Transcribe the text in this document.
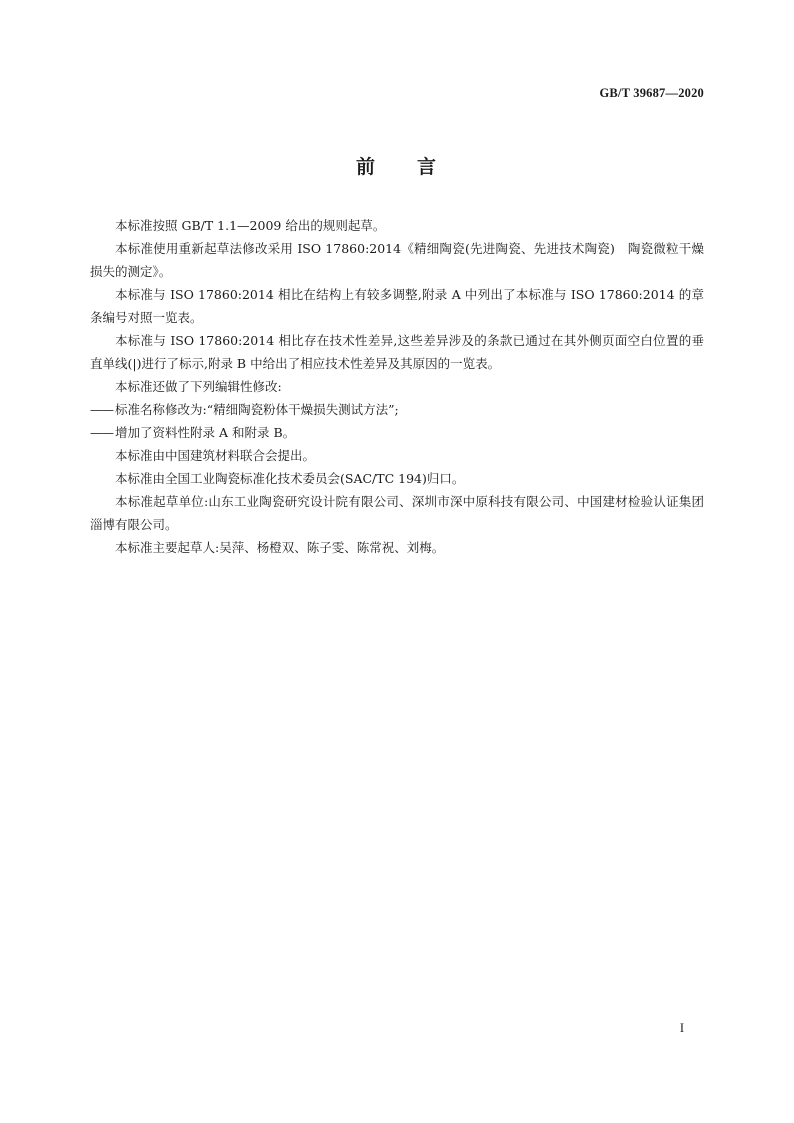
GB/T 39687—2020
前 言

本标准按照 GB/T 1.1—2009 给出的规则起草。

本标准使用重新起草法修改采用 ISO 17860:2014《精细陶瓷(先进陶瓷、先进技术陶瓷)　陶瓷微粒干燥损失的测定》。

本标准与 ISO 17860:2014 相比在结构上有较多调整,附录 A 中列出了本标准与 ISO 17860:2014 的章条编号对照一览表。

本标准与 ISO 17860:2014 相比存在技术性差异,这些差异涉及的条款已通过在其外侧页面空白位置的垂直单线(|)进行了标示,附录 B 中给出了相应技术性差异及其原因的一览表。

本标准还做了下列编辑性修改:

—— 标准名称修改为:“精细陶瓷粉体干燥损失测试方法”;

—— 增加了资料性附录 A 和附录 B。

本标准由中国建筑材料联合会提出。

本标准由全国工业陶瓷标准化技术委员会(SAC/TC 194)归口。

本标准起草单位:山东工业陶瓷研究设计院有限公司、深圳市深中原科技有限公司、中国建材检验认证集团淄博有限公司。

本标准主要起草人:吴萍、杨橙双、陈子雯、陈常祝、刘梅。

I
